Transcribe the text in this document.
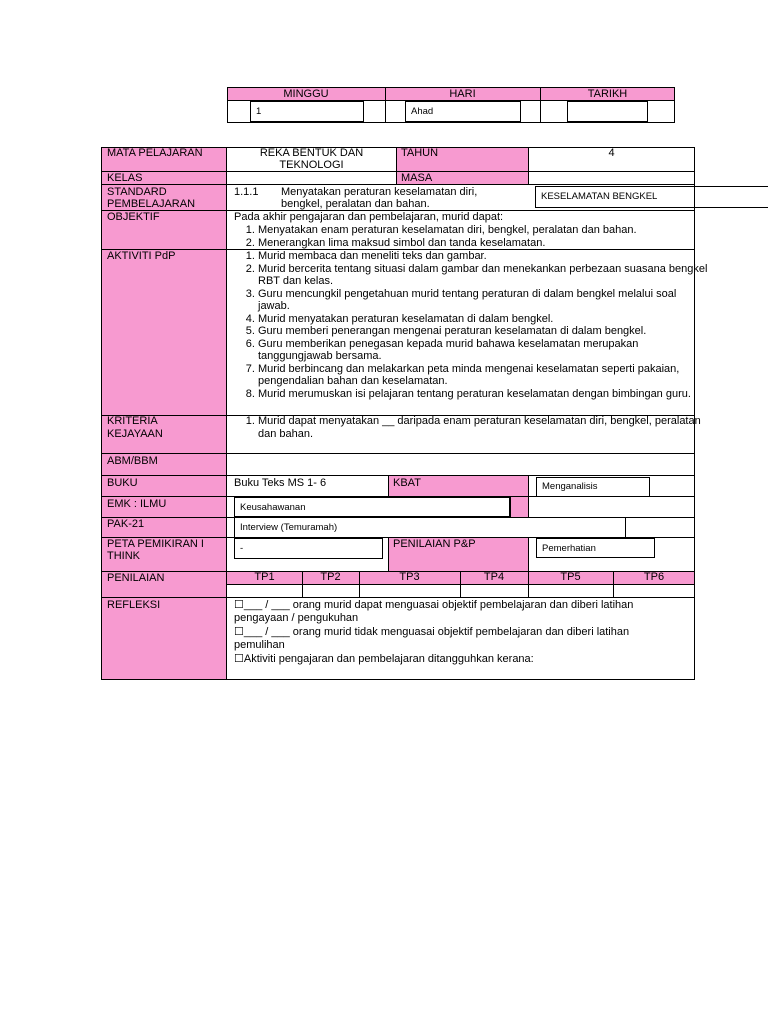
MINGGU	HARI	TARIKH
1	Ahad
MATA PELAJARAN	REKA BENTUK DAN
TEKNOLOGI
TAHUN	4
KELAS	MASA
STANDARD
PEMBELAJARAN
1.1.1 Menyatakan peraturan keselamatan diri,
bengkel, peralatan dan bahan.
KESELAMATAN BENGKEL
OBJEKTIF	Pada akhir pengajaran dan pembelajaran, murid dapat:
1. Menyatakan enam peraturan keselamatan diri, bengkel, peralatan dan bahan.
2. Menerangkan lima maksud simbol dan tanda keselamatan.
AKTIVITI PdP
1.	Murid membaca dan meneliti teks dan gambar.
2. Murid bercerita tentang situasi dalam gambar dan menekankan perbezaan suasana bengkel RBT dan kelas.
3. Guru mencungkil pengetahuan murid tentang peraturan di dalam bengkel melalui soal jawab.
4. Murid menyatakan peraturan keselamatan di dalam bengkel.
5. Guru memberi penerangan mengenai peraturan keselamatan di dalam bengkel.
6. Guru memberikan penegasan kepada murid bahawa keselamatan merupakan tanggungjawab bersama.
7. Murid berbincang dan melakarkan peta minda mengenai keselamatan seperti pakaian, pengendalian bahan dan keselamatan.
8. Murid merumuskan isi pelajaran tentang peraturan keselamatan dengan bimbingan guru.
KRITERIA
KEJAYAAN
1. Murid dapat menyatakan __ daripada enam peraturan keselamatan diri, bengkel, peralatan dan bahan.
ABM/BBM
BUKU	Buku Teks MS 1- 6	KBAT	Menganalisis
EMK : ILMU	Keusahawanan
PAK-21	Interview (Temuramah)
PETA PEMIKIRAN I
THINK
-	PENILAIAN P&P	Pemerhatian
PENILAIAN	TP1	TP2	TP3	TP4	TP5	TP6
REFLEKSI	☐___ / ___ orang murid dapat menguasai objektif pembelajaran dan diberi latihan
pengayaan / pengukuhan
☐___ / ___ orang murid tidak menguasai objektif pembelajaran dan diberi latihan
pemulihan
☐Aktiviti pengajaran dan pembelajaran ditangguhkan kerana:
